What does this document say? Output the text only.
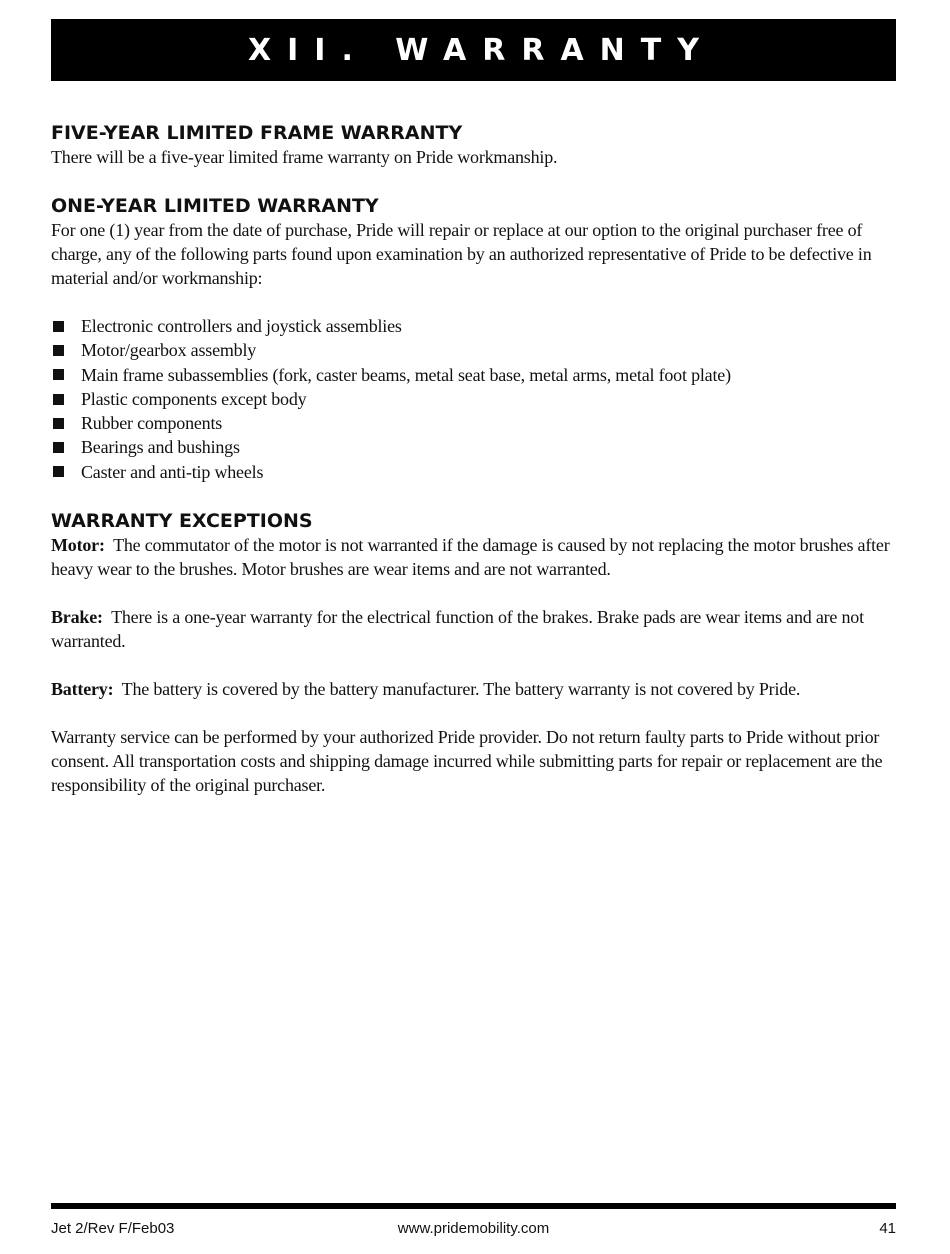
XII. WARRANTY
FIVE-YEAR LIMITED FRAME WARRANTY

There will be a five-year limited frame warranty on Pride workmanship.

ONE-YEAR LIMITED WARRANTY

For one (1) year from the date of purchase, Pride will repair or replace at our option to the original purchaser free of charge, any of the following parts found upon examination by an authorized representative of Pride to be defective in material and/or workmanship:

Electronic controllers and joystick assemblies
Motor/gearbox assembly
Main frame subassemblies (fork, caster beams, metal seat base, metal arms, metal foot plate)
Plastic components except body
Rubber components
Bearings and bushings
Caster and anti-tip wheels
WARRANTY EXCEPTIONS

Motor: The commutator of the motor is not warranted if the damage is caused by not replacing the motor brushes after heavy wear to the brushes. Motor brushes are wear items and are not warranted.

Brake: There is a one-year warranty for the electrical function of the brakes. Brake pads are wear items and are not warranted.

Battery: The battery is covered by the battery manufacturer. The battery warranty is not covered by Pride.

Warranty service can be performed by your authorized Pride provider. Do not return faulty parts to Pride without prior consent. All transportation costs and shipping damage incurred while submitting parts for repair or replacement are the responsibility of the original purchaser.

www.pridemobility.com
Jet 2/Rev F/Feb03	41
